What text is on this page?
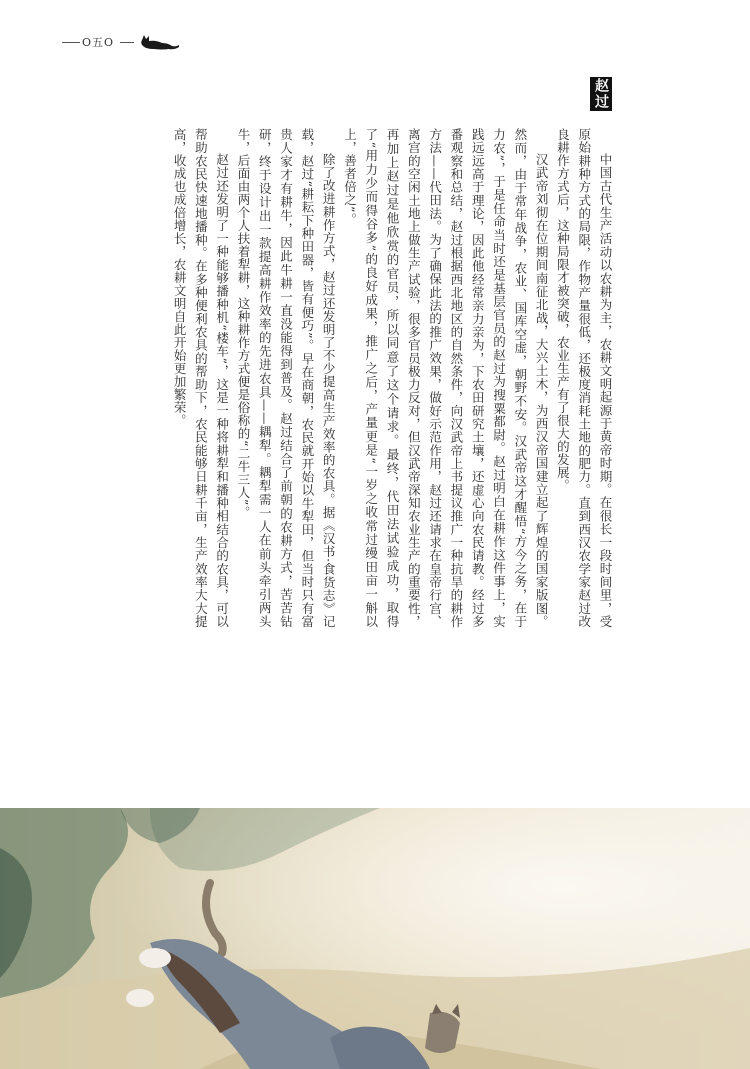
O五O
赵过

中国古代生产活动以农耕为主，农耕文明起源于黄帝时期。在很长一段时间里，受原始耕种方式的局限，作物产量很低，还极度消耗土地的肥力。直到西汉农学家赵过改良耕作方式后，这种局限才被突破，农业生产有了很大的发展。

汉武帝刘彻在位期间南征北战，大兴土木，为西汉帝国建立起了辉煌的国家版图。然而，由于常年战争，农业、国库空虚，朝野不安。汉武帝这才醒悟“方今之务，在于力农”，于是任命当时还是基层官员的赵过为搜粟都尉。赵过明白在耕作这件事上，实践远远高于理论，因此他经常亲力亲为，下农田研究土壤，还虚心向农民请教。经过多番观察和总结，赵过根据西北地区的自然条件，向汉武帝上书提议推广一种抗旱的耕作方法——代田法。为了确保此法的推广效果，做好示范作用，赵过还请求在皇帝行宫、离宫的空闲土地上做生产试验，很多官员极力反对，但汉武帝深知农业生产的重要性，再加上赵过是他欣赏的官员，所以同意了这个请求。最终，代田法试验成功，取得了“用力少而得谷多”的良好成果，推广之后，产量更是“一岁之收常过缦田亩一斛以上，善者倍之”。

除了改进耕作方式，赵过还发明了不少提高生产效率的农具。据《汉书·食货志》记载，赵过“耕耘下种田器，皆有便巧”。早在商朝，农民就开始以牛犁田，但当时只有富贵人家才有耕牛，因此牛耕一直没能得到普及。赵过结合了前朝的农耕方式，苦苦钻研，终于设计出一款提高耕作效率的先进农具——耦犁。耦犁需一人在前头牵引两头牛，后面由两个人扶着犁耕，这种耕作方式便是俗称的“二牛三人”。

赵过还发明了一种能够播种机“楼车”，这是一种将耕犁和播种相结合的农具，可以帮助农民快速地播种。在多种便利农具的帮助下，农民能够日耕千亩，生产效率大大提高，收成也成倍增长，农耕文明自此开始更加繁荣。
